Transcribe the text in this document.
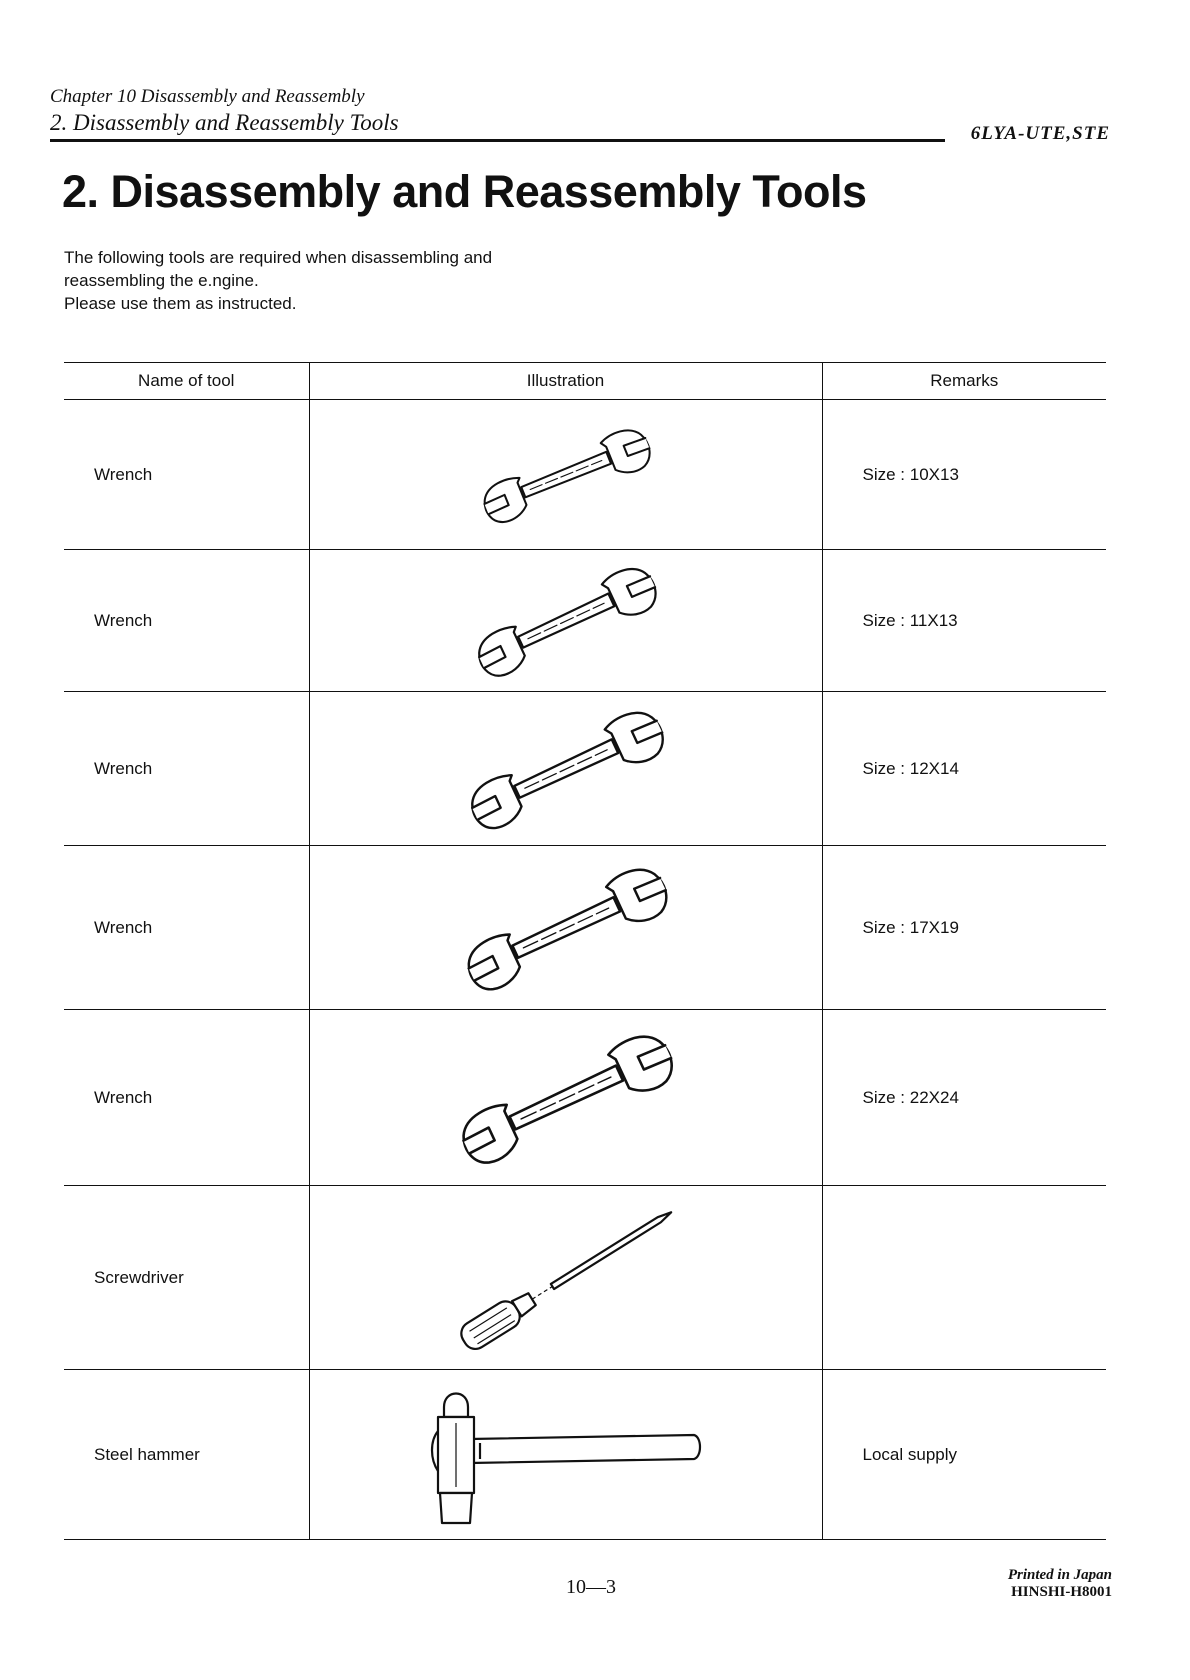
Chapter 10 Disassembly and Reassembly
2. Disassembly and Reassembly Tools	6LYA-UTE,STE
2. Disassembly and Reassembly Tools
The following tools are required when disassembling and
reassembling the e.ngine.
Please use them as instructed.
Name of tool	Illustration	Remarks
Wrench		Size : 10X13
Wrench		Size : 11X13
Wrench		Size : 12X14
Wrench		Size : 17X19
Wrench		Size : 22X24
Screwdriver	

Steel hammer		Local supply
10—3
Printed in Japan
HINSHI-H8001
